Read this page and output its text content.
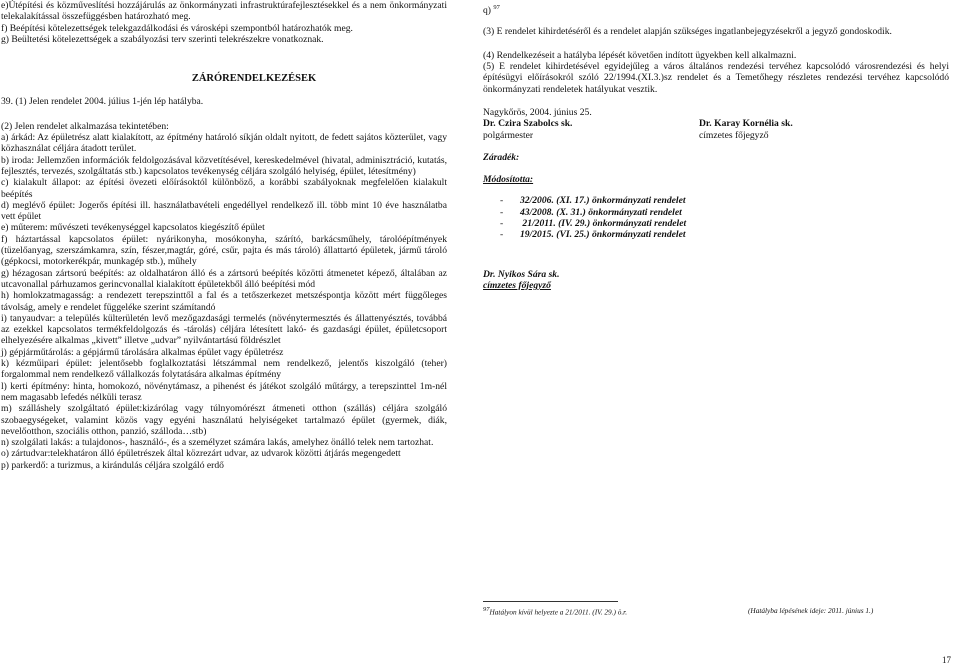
e)Útépítési és közműveslítési hozzájárulás az önkormányzati infrastruktúrafejlesztésekkel és a nem önkormányzati telekalakítással összefüggésben határozható meg.

f) Beépítési kötelezettségek telekgazdálkodási és városképi szempontból határozhatók meg.

g) Beültetési kötelezettségek a szabályozási terv szerinti telekrészekre vonatkoznak.

ZÁRÓRENDELKEZÉSEK

39. (1) Jelen rendelet 2004. július 1-jén lép hatályba.

(2) Jelen rendelet alkalmazása tekintetében:

a) árkád: Az épületrész alatt kialakított, az építmény határoló síkján oldalt nyitott, de fedett sajátos közterület, vagy közhasználat céljára átadott terület.

b) iroda: Jellemzően információk feldolgozásával közvetítésével, kereskedelmével (hivatal, adminisztráció, kutatás, fejlesztés, tervezés, szolgáltatás stb.) kapcsolatos tevékenység céljára szolgáló helyiség, épület, létesítmény)

c) kialakult állapot: az építési övezeti előírásoktól különböző, a korábbi szabályoknak megfelelően kialakult beépítés

d) meglévő épület: Jogerős építési ill. használatbavételi engedéllyel rendelkező ill. több mint 10 éve használatba vett épület

e) műterem: művészeti tevékenységgel kapcsolatos kiegészítő épület

f) háztartással kapcsolatos épület: nyárikonyha, mosókonyha, szárító, barkácsműhely, tárolóépítmények (tüzelőanyag, szerszámkamra, szín, fészer,magtár, góré, csűr, pajta és más tároló) állattartó épületek, jármű tároló (gépkocsi, motorkerékpár, munkagép stb.), műhely

g) hézagosan zártsorú beépítés: az oldalhatáron álló és a zártsorú beépítés közötti átmenetet képező, általában az utcavonallal párhuzamos gerincvonallal kialakított épületekből álló beépítési mód

h) homlokzatmagasság: a rendezett terepszinttől a fal és a tetőszerkezet metszéspontja között mért függőleges távolság, amely e rendelet függeléke szerint számítandó

i) tanyaudvar: a település külterületén levő mezőgazdasági termelés (növénytermesztés és állattenyésztés, továbbá az ezekkel kapcsolatos termékfeldolgozás és -tárolás) céljára létesített lakó- és gazdasági épület, épületcsoport elhelyezésére alkalmas „kivett” illetve „udvar” nyilvántartású földrészlet

j) gépjárműtárolás: a gépjármű tárolására alkalmas épület vagy épületrész

k) kézműipari épület: jelentősebb foglalkoztatási létszámmal nem rendelkező, jelentős kiszolgáló (teher) forgalommal nem rendelkező vállalkozás folytatására alkalmas építmény

l) kerti építmény: hinta, homokozó, növénytámasz, a pihenést és játékot szolgáló műtárgy, a terepszinttel 1m-nél nem magasabb lefedés nélküli terasz

m) szálláshely szolgáltató épület:kizárólag vagy túlnyomórészt átmeneti otthon (szállás) céljára szolgáló szobaegységeket, valamint közös vagy egyéni használatú helyiségeket tartalmazó épület (gyermek, diák, nevelőotthon, szociális otthon, panzió, szálloda…stb)

n) szolgálati lakás: a tulajdonos-, használó-, és a személyzet számára lakás, amelyhez önálló telek nem tartozhat.

o) zártudvar:telekhatáron álló épületrészek által közrezárt udvar, az udvarok közötti átjárás megengedett

p) parkerdő: a turizmus, a kirándulás céljára szolgáló erdő

q) $^{97}$

(3) E rendelet kihirdetéséről és a rendelet alapján szükséges ingatlanbejegyzésekről a jegyző gondoskodik.

(4) Rendelkezéseit a hatályba lépését követően indított ügyekben kell alkalmazni.

(5) E rendelet kihirdetésével egyidejűleg a város általános rendezési tervéhez kapcsolódó városrendezési és helyi építésügyi előírásokról szóló 22/1994.(XI.3.)sz rendelet és a Temetőhegy részletes rendezési tervéhez kapcsolódó önkormányzati rendeletek hatályukat vesztik.

Nagykőrös, 2004. június 25.

Dr. Czira Szabolcs sk.
polgármester
Dr. Karay Kornélia sk.
címzetes főjegyző
Záradék:
Módosította:
- 32/2006. (XI. 17.) önkormányzati rendelet
- 43/2008. (X. 31.) önkormányzati rendelet
- 21/2011. (IV. 29.) önkormányzati rendelet
- 19/2015. (VI. 25.) önkormányzati rendelet
Dr. Nyikos Sára sk.
címzetes főjegyző
97Hatályon kívül helyezte a 21/2011. (IV. 29.) ö.r.	(Hatályba lépésének ideje: 2011. június 1.)
17
